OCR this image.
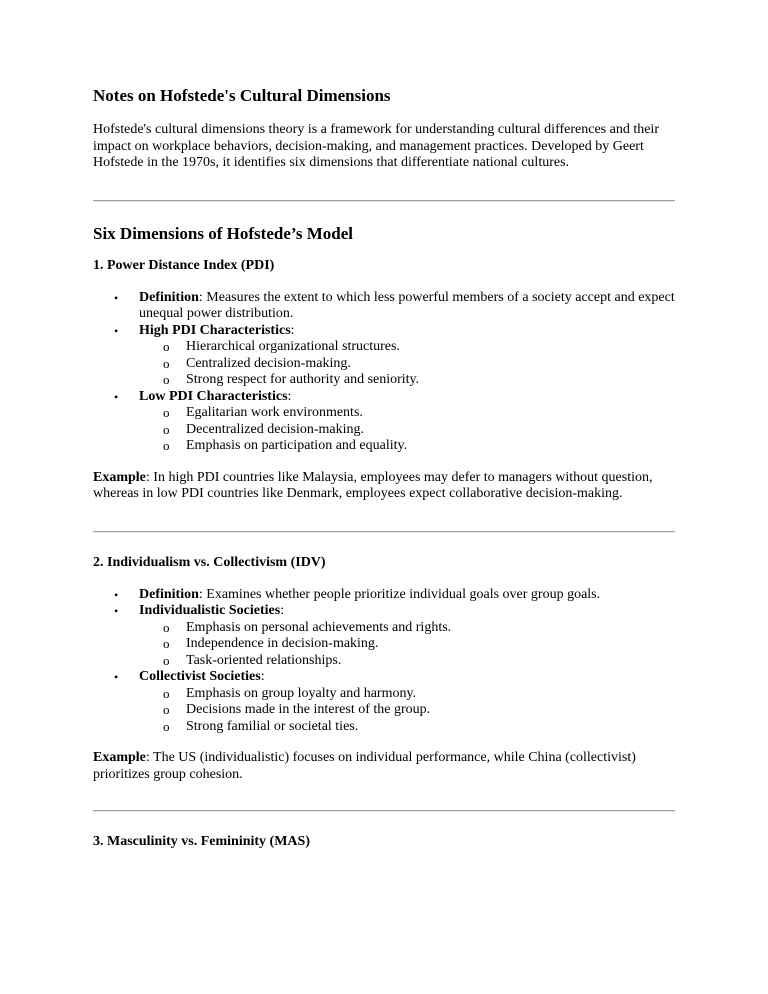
Notes on Hofstede's Cultural Dimensions

Hofstede's cultural dimensions theory is a framework for understanding cultural differences and their impact on workplace behaviors, decision-making, and management practices. Developed by Geert Hofstede in the 1970s, it identifies six dimensions that differentiate national cultures.

Six Dimensions of Hofstede’s Model
1. Power Distance Index (PDI)
• Definition: Measures the extent to which less powerful members of a society accept and expect unequal power distribution.
• High PDI Characteristics:
o Hierarchical organizational structures.
o Centralized decision-making.
o Strong respect for authority and seniority.
• Low PDI Characteristics:
o Egalitarian work environments.
o Decentralized decision-making.
o Emphasis on participation and equality.

Example: In high PDI countries like Malaysia, employees may defer to managers without question, whereas in low PDI countries like Denmark, employees expect collaborative decision-making.

2. Individualism vs. Collectivism (IDV)
• Definition: Examines whether people prioritize individual goals over group goals.
• Individualistic Societies:
o Emphasis on personal achievements and rights.
o Independence in decision-making.
o Task-oriented relationships.
• Collectivist Societies:
o Emphasis on group loyalty and harmony.
o Decisions made in the interest of the group.
o Strong familial or societal ties.

Example: The US (individualistic) focuses on individual performance, while China (collectivist) prioritizes group cohesion.

3. Masculinity vs. Femininity (MAS)
